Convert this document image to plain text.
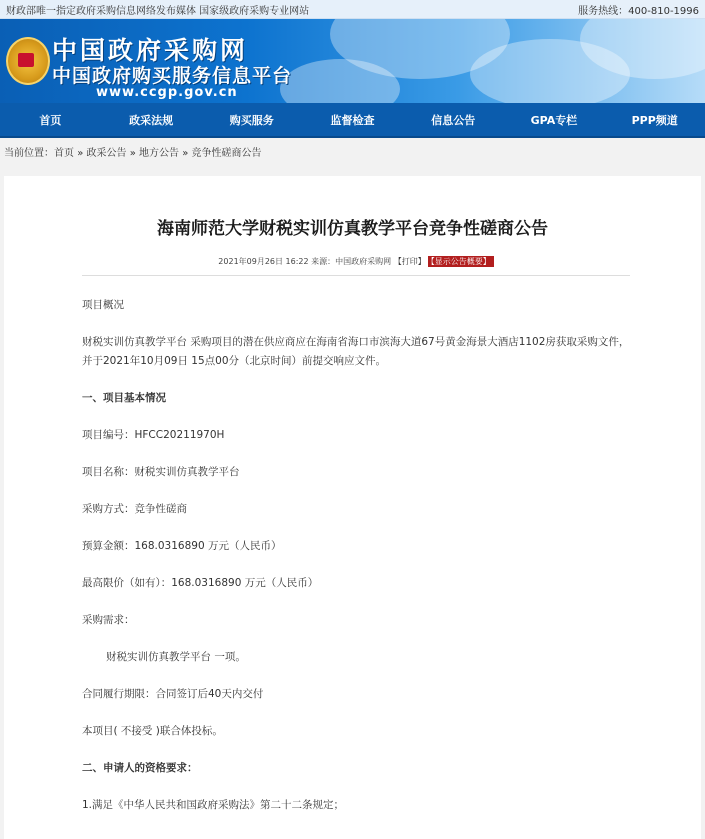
财政部唯一指定政府采购信息网络发布媒体 国家级政府采购专业网站	服务热线：400-810-1996
中国政府采购网
中国政府购买服务信息平台
www.ccgp.gov.cn
首页	政采法规	购买服务	监督检查	信息公告	GPA专栏	PPP频道
当前位置：首页 » 政采公告 » 地方公告 » 竞争性磋商公告
海南师范大学财税实训仿真教学平台竞争性磋商公告
2021年09月26日 16:22 来源：中国政府采购网 【打印】 【显示公告概要】

项目概况

财税实训仿真教学平台 采购项目的潜在供应商应在海南省海口市滨海大道67号黄金海景大酒店1102房获取采购文件，并于2021年10月09日 15点00分（北京时间）前提交响应文件。

一、项目基本情况

项目编号：HFCC20211970H

项目名称：财税实训仿真教学平台

采购方式：竞争性磋商

预算金额：168.0316890 万元（人民币）

最高限价（如有）：168.0316890 万元（人民币）

采购需求：

财税实训仿真教学平台 一项。

合同履行期限：合同签订后40天内交付

本项目( 不接受 )联合体投标。

二、申请人的资格要求：

1.满足《中华人民共和国政府采购法》第二十二条规定；
